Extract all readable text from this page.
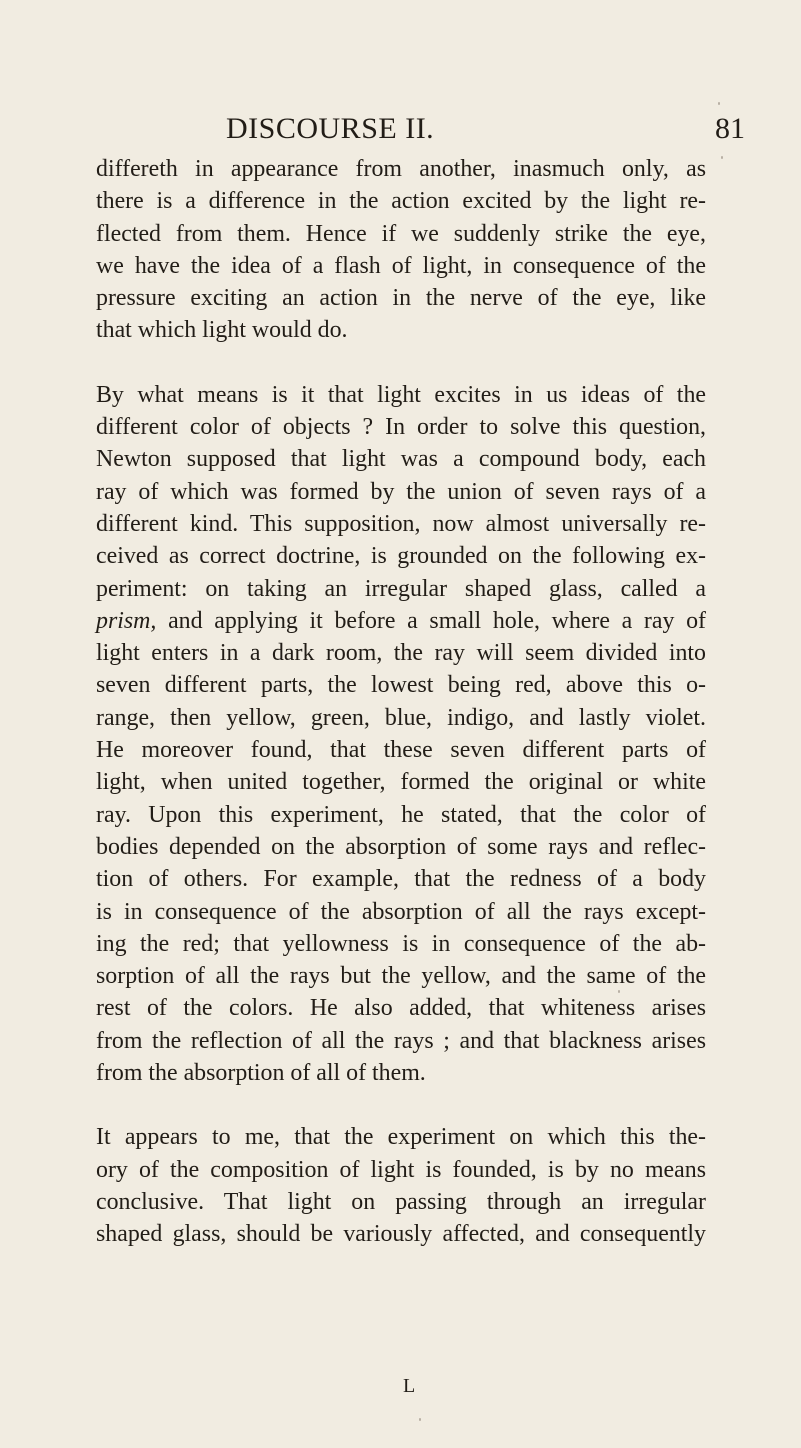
DISCOURSE II.	81
differeth in appearance from another, inasmuch only, as
there is a difference in the action excited by the light re-
flected from them. Hence if we suddenly strike the eye,
we have the idea of a flash of light, in consequence of the
pressure exciting an action in the nerve of the eye, like
that which light would do.
By what means is it that light excites in us ideas of the
different color of objects ? In order to solve this question,
Newton supposed that light was a compound body, each
ray of which was formed by the union of seven rays of a
different kind. This supposition, now almost universally re-
ceived as correct doctrine, is grounded on the following ex-
periment: on taking an irregular shaped glass, called a
prism, and applying it before a small hole, where a ray of
light enters in a dark room, the ray will seem divided into
seven different parts, the lowest being red, above this o-
range, then yellow, green, blue, indigo, and lastly violet.
He moreover found, that these seven different parts of
light, when united together, formed the original or white
ray. Upon this experiment, he stated, that the color of
bodies depended on the absorption of some rays and reflec-
tion of others. For example, that the redness of a body
is in consequence of the absorption of all the rays except-
ing the red; that yellowness is in consequence of the ab-
sorption of all the rays but the yellow, and the same of the
rest of the colors. He also added, that whiteness arises
from the reflection of all the rays ; and that blackness arises
from the absorption of all of them.
It appears to me, that the experiment on which this the-
ory of the composition of light is founded, is by no means
conclusive. That light on passing through an irregular
shaped glass, should be variously affected, and consequently
L
